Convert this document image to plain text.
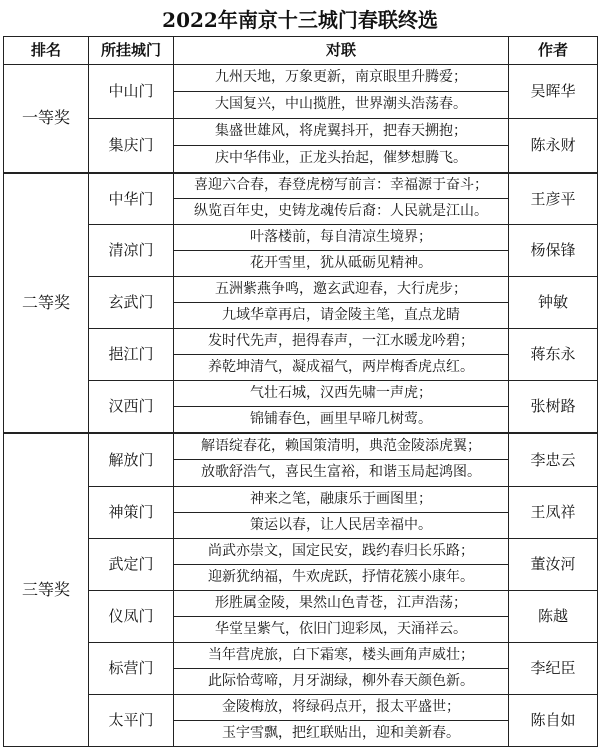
2022年南京十三城门春联终选
排名	所挂城门	对联	作者
一等奖	中山门	九州天地，万象更新，南京眼里升腾爱；	吴晖华
		大国复兴，中山揽胜，世界潮头浩荡春。	
	集庆门	集盛世雄风，将虎翼抖开，把春天搠抱；	陈永财
		庆中华伟业，正龙头抬起，催梦想腾飞。	
二等奖	中华门	喜迎六合春，春登虎榜写前言：幸福源于奋斗；	王彦平
		纵览百年史，史铸龙魂传后裔：人民就是江山。	
	清凉门	叶落楼前，每自清凉生境界；	杨保锋
		花开雪里，犹从砥砺见精神。	
	玄武门	五洲紫燕争鸣，邀玄武迎春，大行虎步；	钟敏
		九域华章再启，请金陵主笔，直点龙睛	
	挹江门	发时代先声，挹得春声，一江水暖龙吟碧；	蒋东永
		养乾坤清气，凝成福气，两岸梅香虎点红。	
	汉西门	气壮石城，汉西先啸一声虎；	张树路
		锦铺春色，画里早啼几树莺。	
三等奖	解放门	解语绽春花，赖国策清明，典范金陵添虎翼；	李忠云
		放歌舒浩气，喜民生富裕，和谐玉局起鸿图。	
	神策门	神来之笔，融康乐于画图里；	王凤祥
		策运以春，让人民居幸福中。	
	武定门	尚武亦崇文，国定民安，践约春归长乐路；	董汝河
		迎新犹纳福，牛欢虎跃，抒情花簇小康年。	
	仪凤门	形胜属金陵，果然山色青苍，江声浩荡；	陈越
		华堂呈紫气，依旧门迎彩凤，天涌祥云。	
	标营门	当年营虎旅，白下霜寒，楼头画角声威壮；	李纪臣
		此际恰莺啼，月牙湖绿，柳外春天颜色新。	
	太平门	金陵梅放，将绿码点开，报太平盛世；	陈自如
		玉宇雪飘，把红联贴出，迎和美新春。	
